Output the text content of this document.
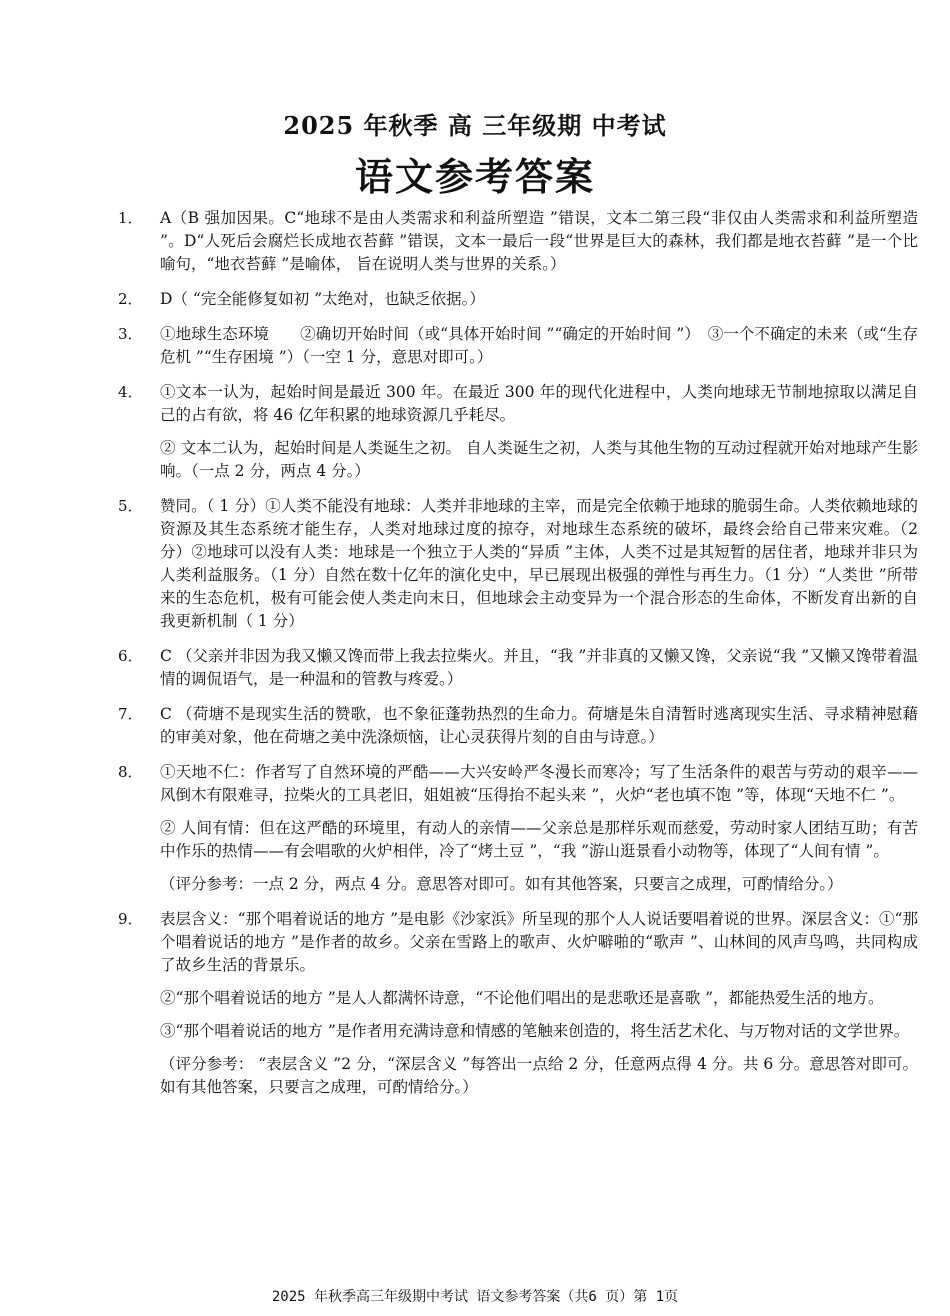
2025 年秋季 高 三年级期 中考试
语文参考答案
1．	A（B 强加因果。C“地球不是由人类需求和利益所塑造 ”错误，文本二第三段“非仅由人类需求和利益所塑造 ”。D“人死后会腐烂长成地衣苔藓 ”错误，文本一最后一段“世界是巨大的森林，我们都是地衣苔藓 ”是一个比喻句，“地衣苔藓 ”是喻体， 旨在说明人类与世界的关系。）

2．	D（ “完全能修复如初 ”太绝对，也缺乏依据。）

3．	①地球生态环境　　②确切开始时间（或“具体开始时间 ”“确定的开始时间 ”）　③一个不确定的未来（或“生存危机 ”“生存困境 ”）（一空 1 分，意思对即可。）

4．	①文本一认为，起始时间是最近 300 年。在最近 300 年的现代化进程中，人类向地球无节制地掠取以满足自己的占有欲，将 46 亿年积累的地球资源几乎耗尽。

② 文本二认为，起始时间是人类诞生之初。 自人类诞生之初，人类与其他生物的互动过程就开始对地球产生影响。（一点 2 分，两点 4 分。）

5．	赞同。（ 1 分）①人类不能没有地球：人类并非地球的主宰，而是完全依赖于地球的脆弱生命。人类依赖地球的资源及其生态系统才能生存，人类对地球过度的掠夺，对地球生态系统的破坏，最终会给自己带来灾难。（2 分）②地球可以没有人类：地球是一个独立于人类的“异质 ”主体，人类不过是其短暂的居住者，地球并非只为人类利益服务。（1 分）自然在数十亿年的演化史中，早已展现出极强的弹性与再生力。（1 分）“人类世 ”所带来的生态危机，极有可能会使人类走向末日，但地球会主动变异为一个混合形态的生命体，不断发育出新的自我更新机制（ 1 分）

6．	C （父亲并非因为我又懒又馋而带上我去拉柴火。并且，“我 ”并非真的又懒又馋，父亲说“我 ”又懒又馋带着温情的调侃语气，是一种温和的管教与疼爱。）

7．	C （荷塘不是现实生活的赞歌，也不象征蓬勃热烈的生命力。荷塘是朱自清暂时逃离现实生活、寻求精神慰藉的审美对象，他在荷塘之美中洗涤烦恼，让心灵获得片刻的自由与诗意。）

8．	①天地不仁：作者写了自然环境的严酷——大兴安岭严冬漫长而寒冷；写了生活条件的艰苦与劳动的艰辛——风倒木有限难寻，拉柴火的工具老旧，姐姐被“压得抬不起头来 ”，火炉“老也填不饱 ”等，体现“天地不仁 ”。

② 人间有情：但在这严酷的环境里，有动人的亲情——父亲总是那样乐观而慈爱，劳动时家人团结互助；有苦中作乐的热情——有会唱歌的火炉相伴，冷了“烤土豆 ”，“我 ”游山逛景看小动物等，体现了“人间有情 ”。

（评分参考：一点 2 分，两点 4 分。意思答对即可。如有其他答案，只要言之成理，可酌情给分。）

9．	表层含义：“那个唱着说话的地方 ”是电影《沙家浜》所呈现的那个人人说话要唱着说的世界。深层含义：①“那个唱着说话的地方 ”是作者的故乡。父亲在雪路上的歌声、火炉噼啪的“歌声 ”、山林间的风声鸟鸣，共同构成了故乡生活的背景乐。

②“那个唱着说话的地方 ”是人人都满怀诗意，“不论他们唱出的是悲歌还是喜歌 ”，都能热爱生活的地方。

③“那个唱着说话的地方 ”是作者用充满诗意和情感的笔触来创造的，将生活艺术化、与万物对话的文学世界。

（评分参考： “表层含义 ”2 分，“深层含义 ”每答出一点给 2 分，任意两点得 4 分。共 6 分。意思答对即可。如有其他答案，只要言之成理，可酌情给分。）

2025 年秋季高三年级期中考试 语文参考答案（共6 页）第 1页
